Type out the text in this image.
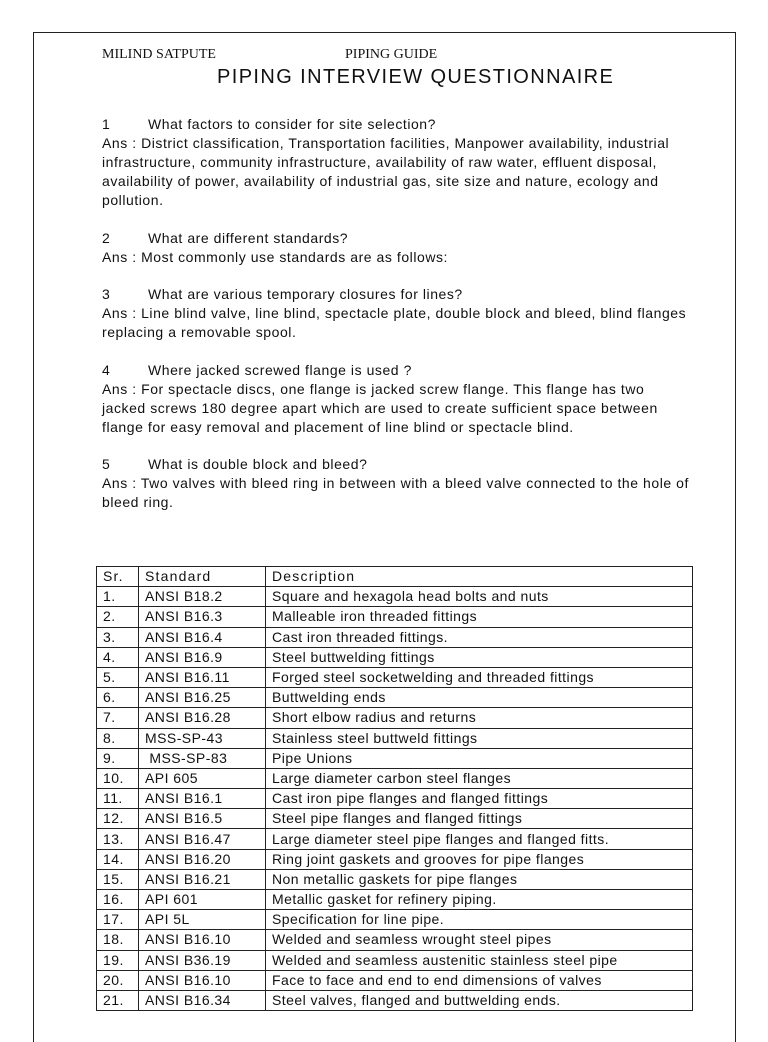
MILIND SATPUTE	PIPING GUIDE
PIPING INTERVIEW QUESTIONNAIRE
1	What factors to consider for site selection?
Ans : District classification, Transportation facilities, Manpower availability, industrial infrastructure, community infrastructure, availability of raw water, effluent disposal, availability of power, availability of industrial gas, site size and nature, ecology and pollution.
2	What are different standards?
Ans : Most commonly use standards are as follows:
3	What are various temporary closures for lines?
Ans : Line blind valve, line blind, spectacle plate, double block and bleed, blind flanges replacing a removable spool.
4	Where jacked screwed flange is used ?
Ans : For spectacle discs, one flange is jacked screw flange. This flange has two jacked screws 180 degree apart which are used to create sufficient space between flange for easy removal and placement of line blind or spectacle blind.
5	What is double block and bleed?
Ans : Two valves with bleed ring in between with a bleed valve connected to the hole of bleed ring.
Sr.	Standard	Description
1.	ANSI B18.2	Square and hexagola head bolts and nuts
2.	ANSI B16.3	Malleable iron threaded fittings
3.	ANSI B16.4	Cast iron threaded fittings.
4.	ANSI B16.9	Steel buttwelding fittings
5.	ANSI B16.11	Forged steel socketwelding and threaded fittings
6.	ANSI B16.25	Buttwelding ends
7.	ANSI B16.28	Short elbow radius and returns
8.	MSS-SP-43	Stainless steel buttweld fittings
9.	MSS-SP-83	Pipe Unions
10.	API 605	Large diameter carbon steel flanges
11.	ANSI B16.1	Cast iron pipe flanges and flanged fittings
12.	ANSI B16.5	Steel pipe flanges and flanged fittings
13.	ANSI B16.47	Large diameter steel pipe flanges and flanged fitts.
14.	ANSI B16.20	Ring joint gaskets and grooves for pipe flanges
15.	ANSI B16.21	Non metallic gaskets for pipe flanges
16.	API 601	Metallic gasket for refinery piping.
17.	API 5L	Specification for line pipe.
18.	ANSI B16.10	Welded and seamless wrought steel pipes
19.	ANSI B36.19	Welded and seamless austenitic stainless steel pipe
20.	ANSI B16.10	Face to face and end to end dimensions of valves
21.	ANSI B16.34	Steel valves, flanged and buttwelding ends.
